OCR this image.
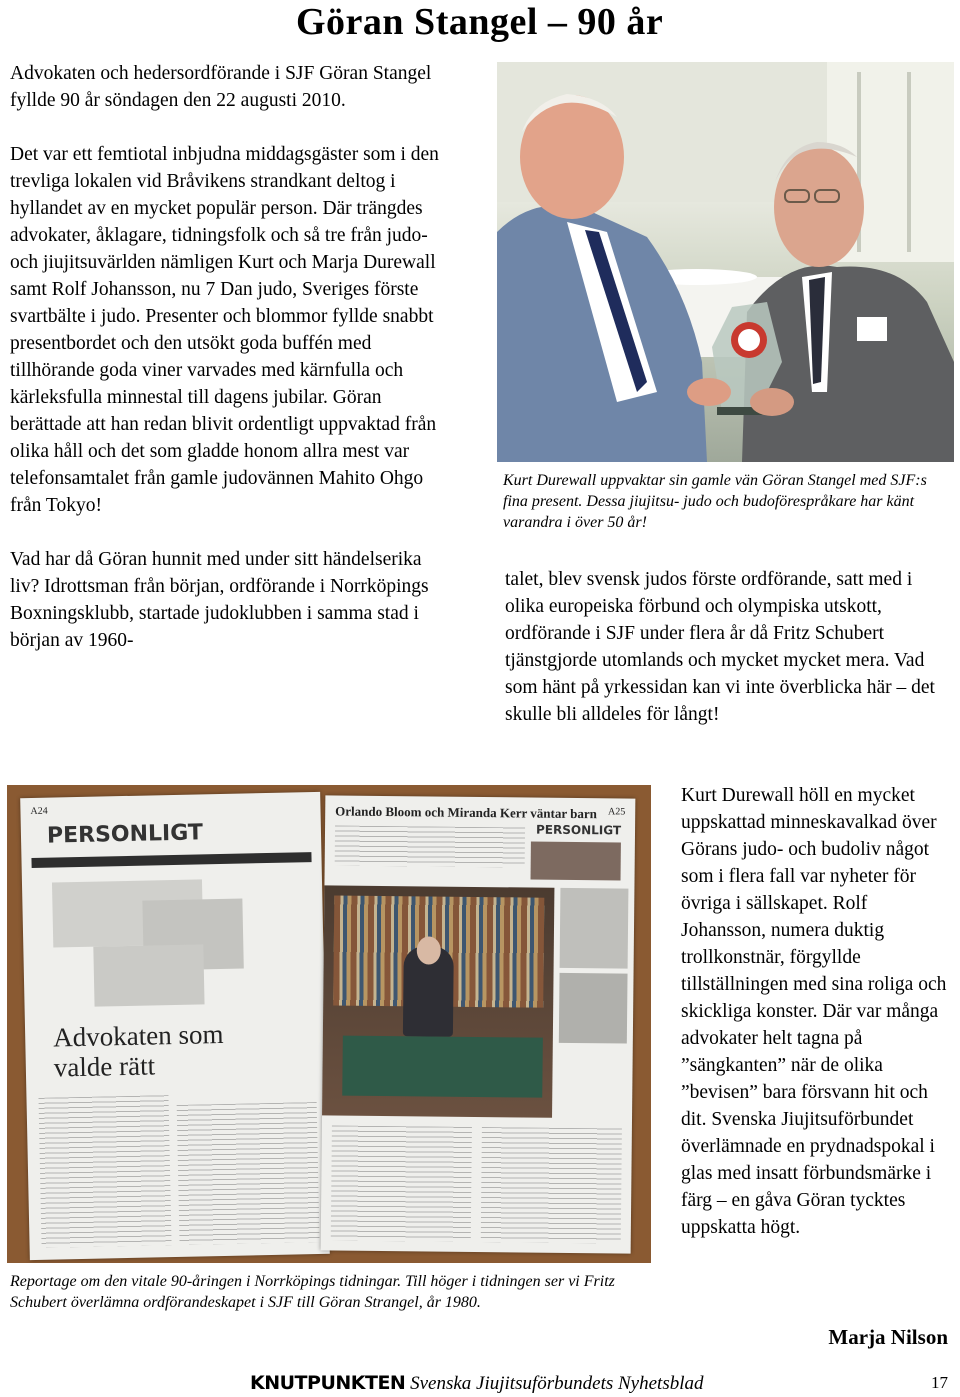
Göran Stangel – 90 år

Advokaten och hedersordförande i SJF Göran Stangel fyllde 90 år söndagen den 22 augusti 2010.

Det var ett femtiotal inbjudna middagsgäster som i den trevliga lokalen vid Bråvikens strandkant deltog i hyllandet av en mycket populär person. Där trängdes advokater, åklagare, tidningsfolk och så tre från judo- och jiujitsuvärlden nämligen Kurt och Marja Durewall samt Rolf Johansson, nu 7 Dan judo, Sveriges förste svartbälte i judo. Presenter och blommor fyllde snabbt presentbordet och den utsökt goda buffén med tillhörande goda viner varvades med kärnfulla och kärleksfulla minnestal till dagens jubilar. Göran berättade att han redan blivit ordentligt uppvaktad från olika håll och det som gladde honom allra mest var telefonsamtalet från gamle judovännen Mahito Ohgo från Tokyo!

Vad har då Göran hunnit med under sitt händelserika liv? Idrottsman från början, ordförande i Norrköpings Boxningsklubb, startade judoklubben i samma stad i början av 1960-

Kurt Durewall uppvaktar sin gamle vän Göran Stangel med SJF:s fina present. Dessa jiujitsu- judo och budoförespråkare har känt varandra i över 50 år!
talet, blev svensk judos förste ordförande, satt med i olika europeiska förbund och olympiska utskott, ordförande i SJF under flera år då Fritz Schubert tjänstgjorde utomlands och mycket mycket mera. Vad som hänt på yrkessidan kan vi inte överblicka här – det skulle bli alldeles för långt!
A24
PERSONLIGT
Advokaten som valde rätt
Orlando Bloom och Miranda Kerr väntar barn
PERSONLIGT
A25
Reportage om den vitale 90-åringen i Norrköpings tidningar. Till höger i tidningen ser vi Fritz Schubert överlämna ordförandeskapet i SJF till Göran Strangel, år 1980.
Kurt Durewall höll en mycket uppskattad minneskavalkad över Görans judo- och budoliv något som i flera fall var nyheter för övriga i sällskapet. Rolf Johansson, numera duktig trollkonstnär, förgyllde tillställningen med sina roliga och skickliga konster. Där var många advokater helt tagna på ”sängkanten” när de olika ”bevisen” bara försvann hit och dit. Svenska Jiujitsuförbundet överlämnade en prydnadspokal i glas med insatt förbundsmärke i färg – en gåva Göran tycktes uppskatta högt.
Marja Nilson
KNUTPUNKTEN Svenska Jiujitsuförbundets Nyhetsblad	17
